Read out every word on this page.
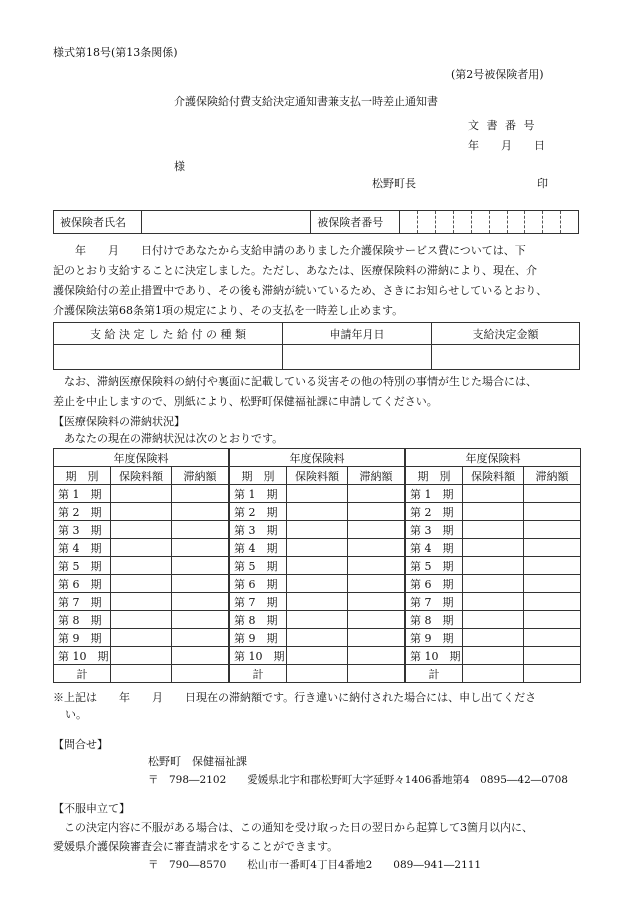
様式第18号(第13条関係)
(第2号被保険者用)
介護保険給付費支給決定通知書兼支払一時差止通知書
文 書 番 号
年　　月　　日
様
松野町長	印
被保険者氏名		被保険者番号										
　　年　　月　　日付けであなたから支給申請のありました介護保険サービス費については、下
記のとおり支給することに決定しました。ただし、あなたは、医療保険料の滞納により、現在、介
護保険給付の差止措置中であり、その後も滞納が続いているため、さきにお知らせしているとおり、
介護保険法第68条第1項の規定により、その支払を一時差し止めます。
支 給 決 定 し た 給 付 の 種 類	申請年月日	支給決定金額

　なお、滞納医療保険料の納付や裏面に記載している災害その他の特別の事情が生じた場合には、
差止を中止しますので、別紙により、松野町保健福祉課に申請してください。
【医療保険料の滞納状況】
あなたの現在の滞納状況は次のとおりです。
年度保険料		
期　別	保険料額	滞納額
第 1　期		
第 2　期		
第 3　期		
第 4　期		
第 5　期		
第 6　期		
第 7　期		
第 8　期		
第 9　期		
第 10　期		
計		
年度保険料		
期　別	保険料額	滞納額
第 1　期		
第 2　期		
第 3　期		
第 4　期		
第 5　期		
第 6　期		
第 7　期		
第 8　期		
第 9　期		
第 10　期		
計		
年度保険料		
期　別	保険料額	滞納額
第 1　期		
第 2　期		
第 3　期		
第 4　期		
第 5　期		
第 6　期		
第 7　期		
第 8　期		
第 9　期		
第 10　期		
計		
※上記は　　年　　月　　日現在の滞納額です。行き違いに納付された場合には、申し出てくださ
い。
【問合せ】
松野町　保健福祉課
〒　798―2102　　愛媛県北宇和郡松野町大字延野々1406番地第4　0895―42―0708
【不服申立て】
　この決定内容に不服がある場合は、この通知を受け取った日の翌日から起算して3箇月以内に、
愛媛県介護保険審査会に審査請求をすることができます。
〒　790―8570　　松山市一番町4丁目4番地2　　089―941―2111
